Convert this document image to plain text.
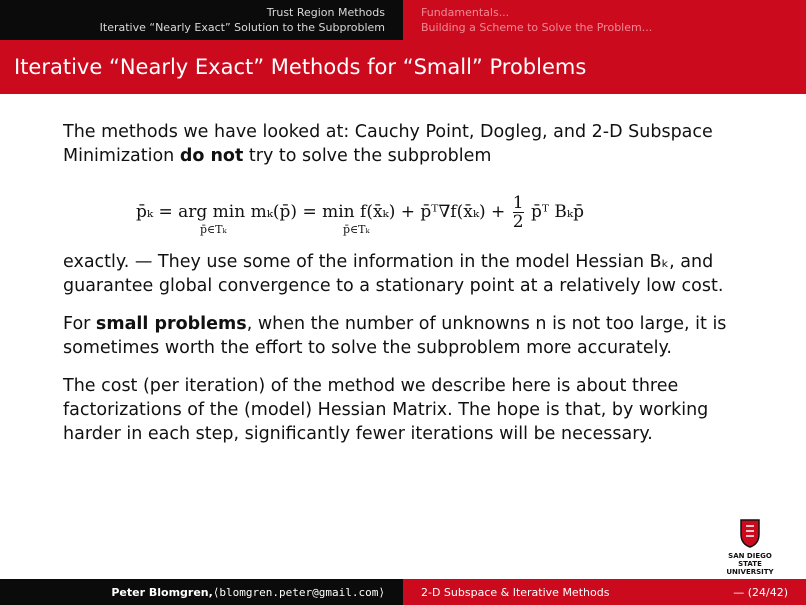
Trust Region Methods
Iterative “Nearly Exact” Solution to the Subproblem
Fundamentals...
Building a Scheme to Solve the Problem...
Iterative “Nearly Exact” Methods for “Small” Problems

The methods we have looked at: Cauchy Point, Dogleg, and 2-D Subspace Minimization do not try to solve the subproblem

p̄ₖ = arg min mₖ(p̄) = min f(x̄ₖ) + p̄ᵀ∇f(x̄ₖ) + $\frac{1}{2}$ p̄ᵀ Bₖp̄
p̄∈Tₖ	p̄∈Tₖ

exactly. — They use some of the information in the model Hessian Bₖ, and guarantee global convergence to a stationary point at a relatively low cost.

For small problems, when the number of unknowns n is not too large, it is sometimes worth the effort to solve the subproblem more accurately.

The cost (per iteration) of the method we describe here is about three factorizations of the (model) Hessian Matrix. The hope is that, by working harder in each step, significantly fewer iterations will be necessary.

SAN DIEGO STATE
UNIVERSITY
Peter Blomgren, ⟨blomgren.peter@gmail.com⟩	2-D Subspace & Iterative Methods	— (24/42)
